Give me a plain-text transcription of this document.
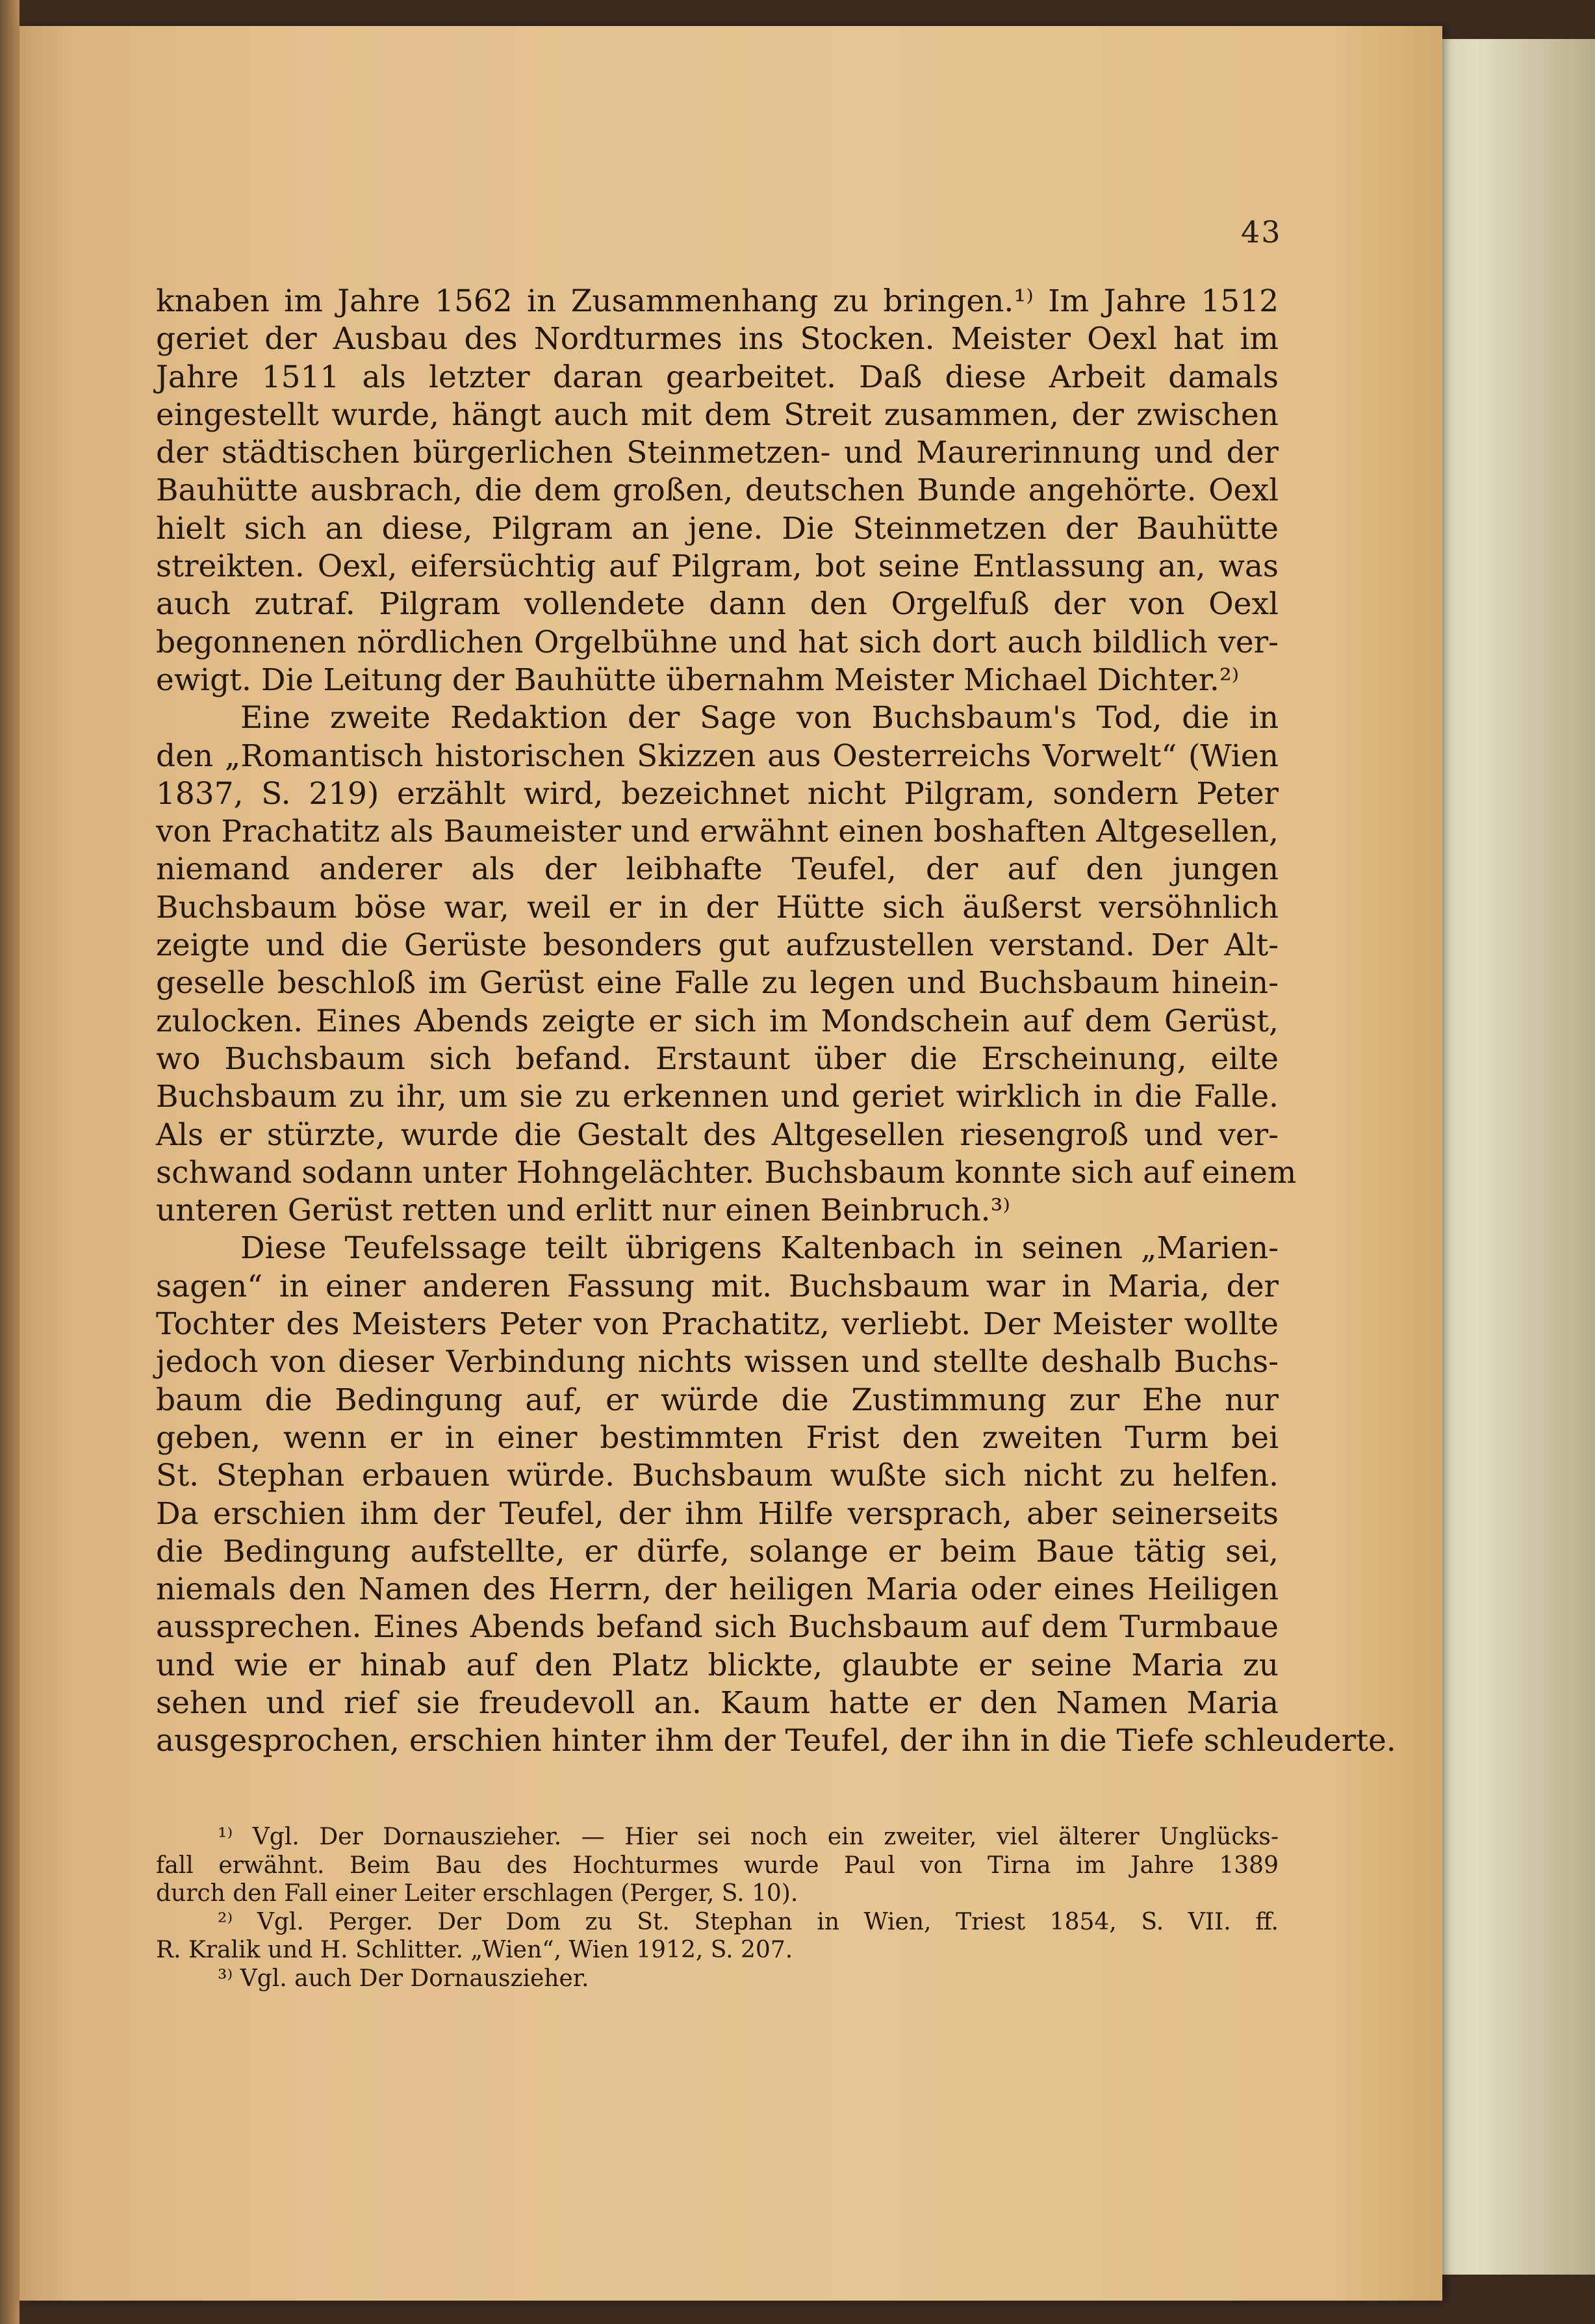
43
knaben im Jahre 1562 in Zusammenhang zu bringen.¹⁾ Im Jahre 1512
geriet der Ausbau des Nordturmes ins Stocken. Meister Oexl hat im
Jahre 1511 als letzter daran gearbeitet. Daß diese Arbeit damals
eingestellt wurde, hängt auch mit dem Streit zusammen, der zwischen
der städtischen bürgerlichen Steinmetzen- und Maurerinnung und der
Bauhütte ausbrach, die dem großen, deutschen Bunde angehörte. Oexl
hielt sich an diese, Pilgram an jene. Die Steinmetzen der Bauhütte
streikten. Oexl, eifersüchtig auf Pilgram, bot seine Entlassung an, was
auch zutraf. Pilgram vollendete dann den Orgelfuß der von Oexl
begonnenen nördlichen Orgelbühne und hat sich dort auch bildlich ver-
ewigt. Die Leitung der Bauhütte übernahm Meister Michael Dichter.²⁾
Eine zweite Redaktion der Sage von Buchsbaum's Tod, die in
den „Romantisch historischen Skizzen aus Oesterreichs Vorwelt“ (Wien
1837, S. 219) erzählt wird, bezeichnet nicht Pilgram, sondern Peter
von Prachatitz als Baumeister und erwähnt einen boshaften Altgesellen,
niemand anderer als der leibhafte Teufel, der auf den jungen
Buchsbaum böse war, weil er in der Hütte sich äußerst versöhnlich
zeigte und die Gerüste besonders gut aufzustellen verstand. Der Alt-
geselle beschloß im Gerüst eine Falle zu legen und Buchsbaum hinein-
zulocken. Eines Abends zeigte er sich im Mondschein auf dem Gerüst,
wo Buchsbaum sich befand. Erstaunt über die Erscheinung, eilte
Buchsbaum zu ihr, um sie zu erkennen und geriet wirklich in die Falle.
Als er stürzte, wurde die Gestalt des Altgesellen riesengroß und ver-
schwand sodann unter Hohngelächter. Buchsbaum konnte sich auf einem
unteren Gerüst retten und erlitt nur einen Beinbruch.³⁾
Diese Teufelssage teilt übrigens Kaltenbach in seinen „Marien-
sagen“ in einer anderen Fassung mit. Buchsbaum war in Maria, der
Tochter des Meisters Peter von Prachatitz, verliebt. Der Meister wollte
jedoch von dieser Verbindung nichts wissen und stellte deshalb Buchs-
baum die Bedingung auf, er würde die Zustimmung zur Ehe nur
geben, wenn er in einer bestimmten Frist den zweiten Turm bei
St. Stephan erbauen würde. Buchsbaum wußte sich nicht zu helfen.
Da erschien ihm der Teufel, der ihm Hilfe versprach, aber seinerseits
die Bedingung aufstellte, er dürfe, solange er beim Baue tätig sei,
niemals den Namen des Herrn, der heiligen Maria oder eines Heiligen
aussprechen. Eines Abends befand sich Buchsbaum auf dem Turmbaue
und wie er hinab auf den Platz blickte, glaubte er seine Maria zu
sehen und rief sie freudevoll an. Kaum hatte er den Namen Maria
ausgesprochen, erschien hinter ihm der Teufel, der ihn in die Tiefe schleuderte.
¹⁾ Vgl. Der Dornauszieher. — Hier sei noch ein zweiter, viel älterer Unglücks-
fall erwähnt. Beim Bau des Hochturmes wurde Paul von Tirna im Jahre 1389
durch den Fall einer Leiter erschlagen (Perger, S. 10).
²⁾ Vgl. Perger. Der Dom zu St. Stephan in Wien, Triest 1854, S. VII. ff.
R. Kralik und H. Schlitter. „Wien“, Wien 1912, S. 207.
³⁾ Vgl. auch Der Dornauszieher.
